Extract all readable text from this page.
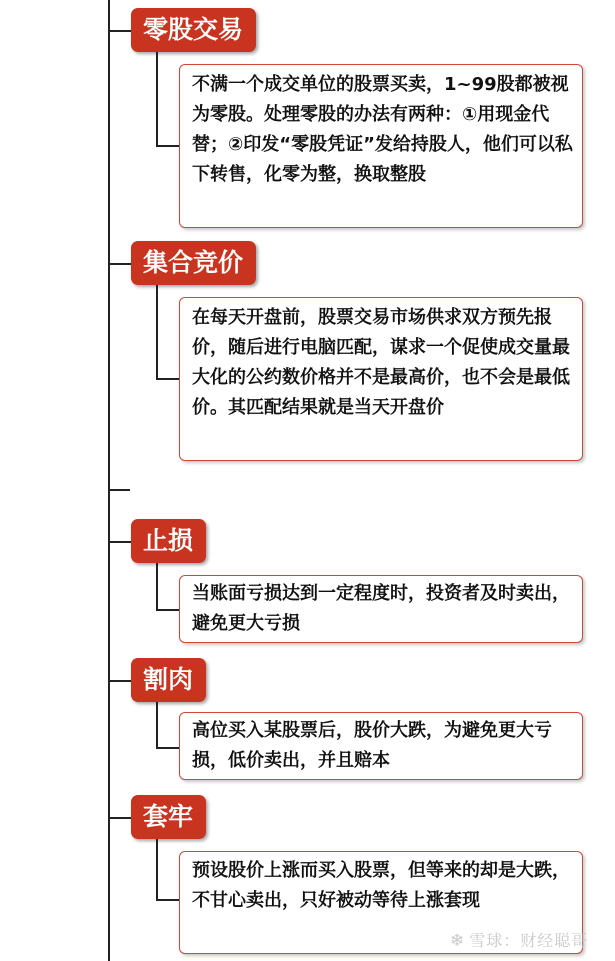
零股交易
不满一个成交单位的股票买卖，1~99股都被视为零股。处理零股的办法有两种：①用现金代替；②印发“零股凭证”发给持股人，他们可以私下转售，化零为整，换取整股
集合竞价
在每天开盘前，股票交易市场供求双方预先报价，随后进行电脑匹配，谋求一个促使成交量最大化的公约数价格并不是最高价，也不会是最低价。其匹配结果就是当天开盘价
止损
当账面亏损达到一定程度时，投资者及时卖出，避免更大亏损
割肉
高位买入某股票后，股价大跌，为避免更大亏损，低价卖出，并且赔本
套牢
预设股价上涨而买入股票，但等来的却是大跌，不甘心卖出，只好被动等待上涨套现
❄ 雪球：财经聪哥
